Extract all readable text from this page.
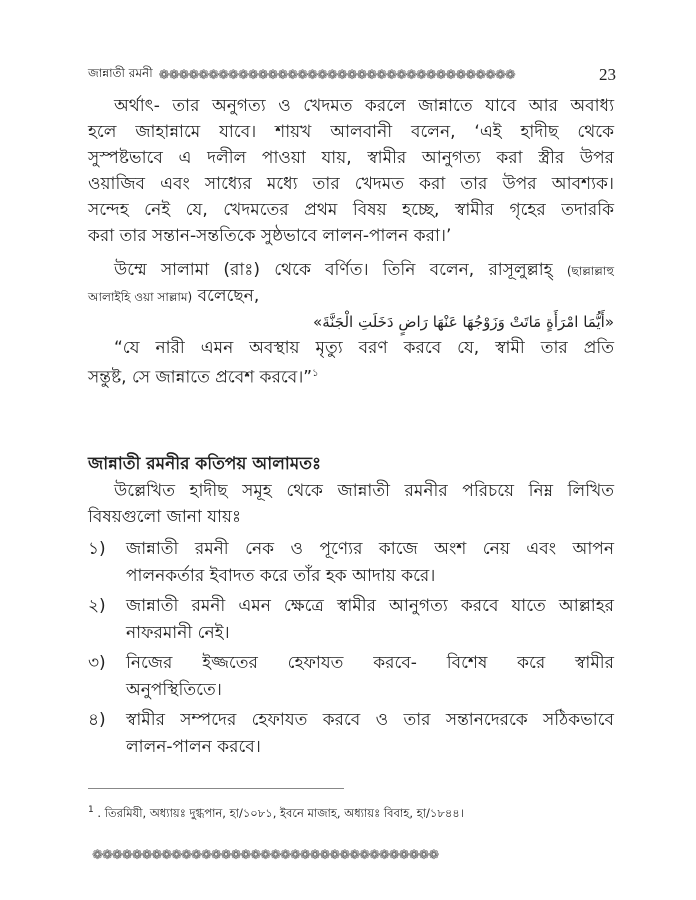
জান্নাতী রমনী ❁❁❁❁❁❁❁❁❁❁❁❁❁❁❁❁❁❁❁❁❁❁❁❁❁❁❁❁❁❁❁❁❁❁❁❁	23
অর্থাৎ- তার অনুগত্য ও খেদমত করলে জান্নাতে যাবে আর অবাধ্য
হলে জাহান্নামে যাবে। শায়খ আলবানী বলেন, ‘এই হাদীছ থেকে
সুস্পষ্টভাবে এ দলীল পাওয়া যায়, স্বামীর আনুগত্য করা স্ত্রীর উপর
ওয়াজিব এবং সাধ্যের মধ্যে তার খেদমত করা তার উপর আবশ্যক।
সন্দেহ নেই যে, খেদমতের প্রথম বিষয় হচ্ছে, স্বামীর গৃহের তদারকি
করা তার সন্তান-সন্ততিকে সুষ্ঠভাবে লালন-পালন করা।’
উম্মে সালামা (রাঃ) থেকে বর্ণিত। তিনি বলেন, রাসূলুল্লাহ্ (ছাল্লাল্লাহু
আলাইহি ওয়া সাল্লাম) বলেছেন,
«أَيُّمَا امْرَأَةٍ مَاتَتْ وَزَوْجُهَا عَنْهَا رَاضٍ دَخَلَتِ الْجَنَّةَ»
“যে নারী এমন অবস্থায় মৃত্যু বরণ করবে যে, স্বামী তার প্রতি
সন্তুষ্ট, সে জান্নাতে প্রবেশ করবে।”$^১$
জান্নাতী রমনীর কতিপয় আলামতঃ
উল্লেখিত হাদীছ সমূহ থেকে জান্নাতী রমনীর পরিচয়ে নিম্ন লিখিত
বিষয়গুলো জানা যায়ঃ
১) জান্নাতী রমনী নেক ও পূণ্যের কাজে অংশ নেয় এবং আপন
পালনকর্তার ইবাদত করে তাঁর হক আদায় করে।
২) জান্নাতী রমনী এমন ক্ষেত্রে স্বামীর আনুগত্য করবে যাতে আল্লাহর
নাফরমানী নেই।
৩) নিজের ইজ্জতের হেফাযত করবে- বিশেষ করে স্বামীর
অনুপস্থিতিতে।
৪) স্বামীর সম্পদের হেফাযত করবে ও তার সন্তানদেরকে সঠিকভাবে
লালন-পালন করবে।
$^1$ . তিরমিযী, অধ্যায়ঃ দুগ্ধপান, হা/১০৮১, ইবনে মাজাহ, অধ্যায়ঃ বিবাহ, হা/১৮৪৪।
❁❁❁❁❁❁❁❁❁❁❁❁❁❁❁❁❁❁❁❁❁❁❁❁❁❁❁❁❁❁❁❁❁❁❁
